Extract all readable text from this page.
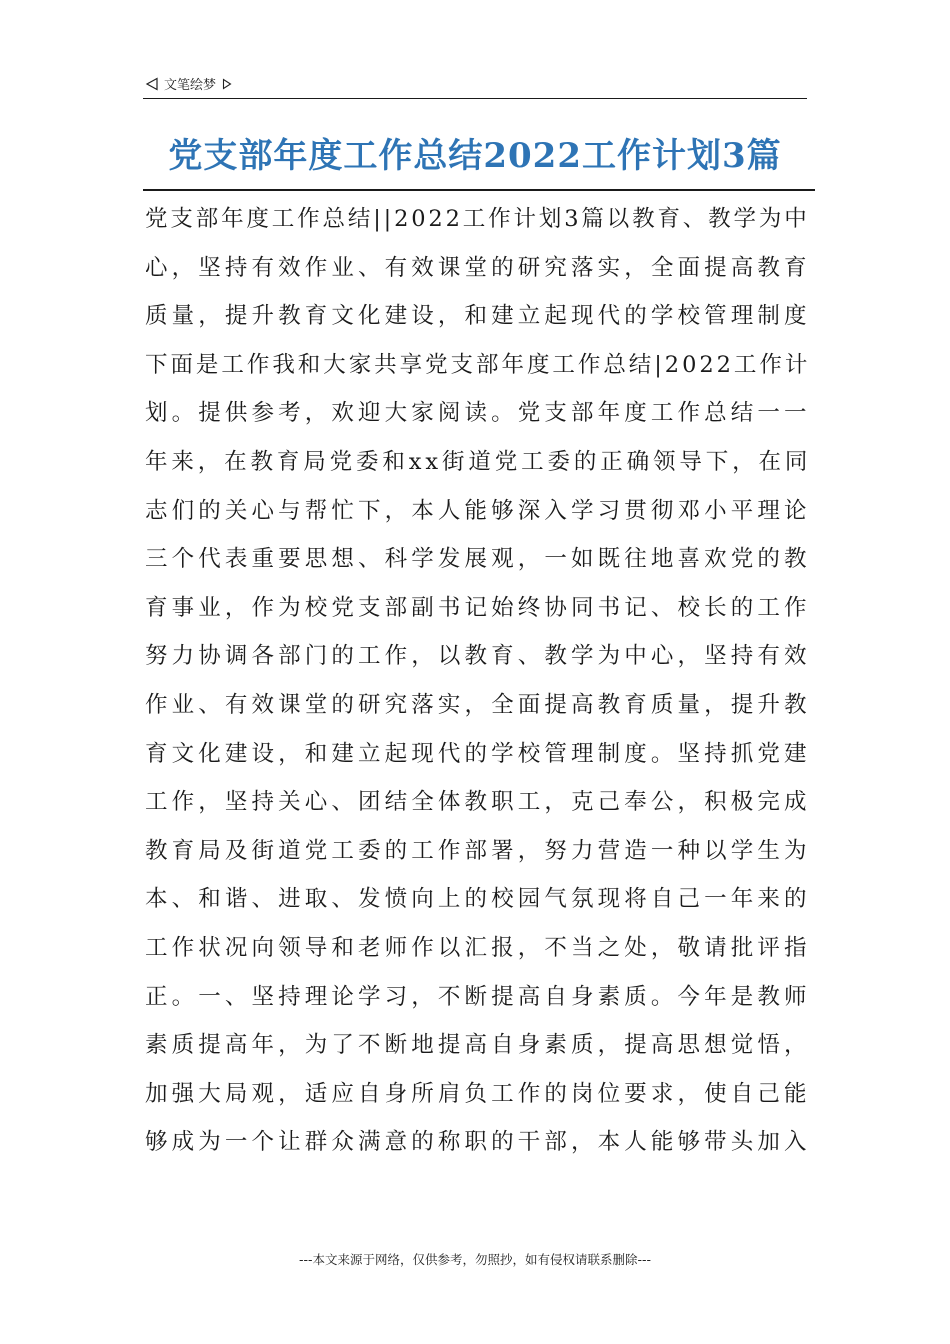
文笔绘梦
党支部年度工作总结2022工作计划3篇
党支部年度工作总结||2022工作计划3篇以教育、教学为中
心，坚持有效作业、有效课堂的研究落实，全面提高教育
质量，提升教育文化建设，和建立起现代的学校管理制度
下面是工作我和大家共享党支部年度工作总结|2022工作计
划。提供参考，欢迎大家阅读。党支部年度工作总结一一
年来，在教育局党委和xx街道党工委的正确领导下，在同
志们的关心与帮忙下，本人能够深入学习贯彻邓小平理论
三个代表重要思想、科学发展观，一如既往地喜欢党的教
育事业，作为校党支部副书记始终协同书记、校长的工作
努力协调各部门的工作，以教育、教学为中心，坚持有效
作业、有效课堂的研究落实，全面提高教育质量，提升教
育文化建设，和建立起现代的学校管理制度。坚持抓党建
工作，坚持关心、团结全体教职工，克己奉公，积极完成
教育局及街道党工委的工作部署，努力营造一种以学生为
本、和谐、进取、发愤向上的校园气氛现将自己一年来的
工作状况向领导和老师作以汇报，不当之处，敬请批评指
正。一、坚持理论学习，不断提高自身素质。今年是教师
素质提高年，为了不断地提高自身素质，提高思想觉悟，
加强大局观，适应自身所肩负工作的岗位要求，使自己能
够成为一个让群众满意的称职的干部，本人能够带头加入
---本文来源于网络，仅供参考，勿照抄，如有侵权请联系删除---
